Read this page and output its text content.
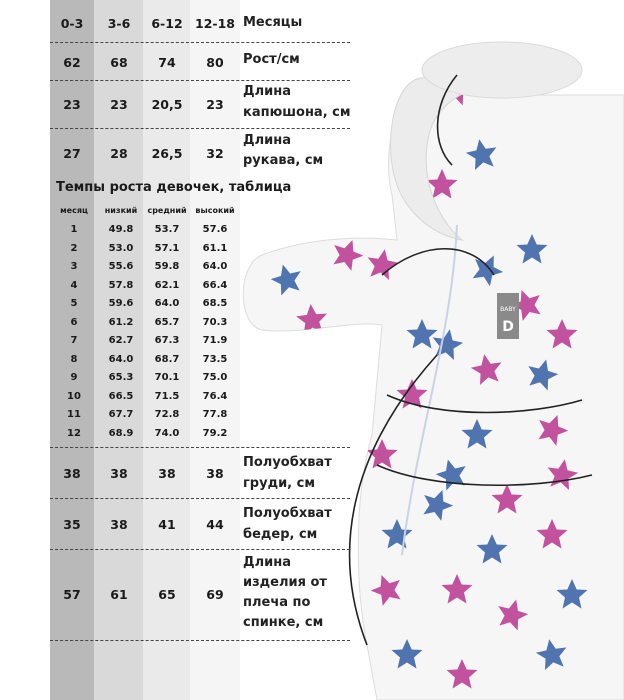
BABY
D
0-3	3-6	6-12 12-18 Месяцы
62	68	74	80	Рост/см
23	23	20,5	23
Длина
капюшона, см
27	28	26,5	32
Длина
рукава, см
Темпы роста девочек, таблица
месяц	низкий	средний	высокий
1	49.8	53.7	57.6
2	53.0	57.1	61.1
3	55.6	59.8	64.0
4	57.8	62.1	66.4
5	59.6	64.0	68.5
6	61.2	65.7	70.3
7	62.7	67.3	71.9
8	64.0	68.7	73.5
9	65.3	70.1	75.0
10	66.5	71.5	76.4
11	67.7	72.8	77.8
12	68.9	74.0	79.2
38	38	38	38
Полуобхват
груди, см
35	38	41	44
Полуобхват
бедер, см
57	61	65	69
Длина
изделия от
плеча по
спинке, см
